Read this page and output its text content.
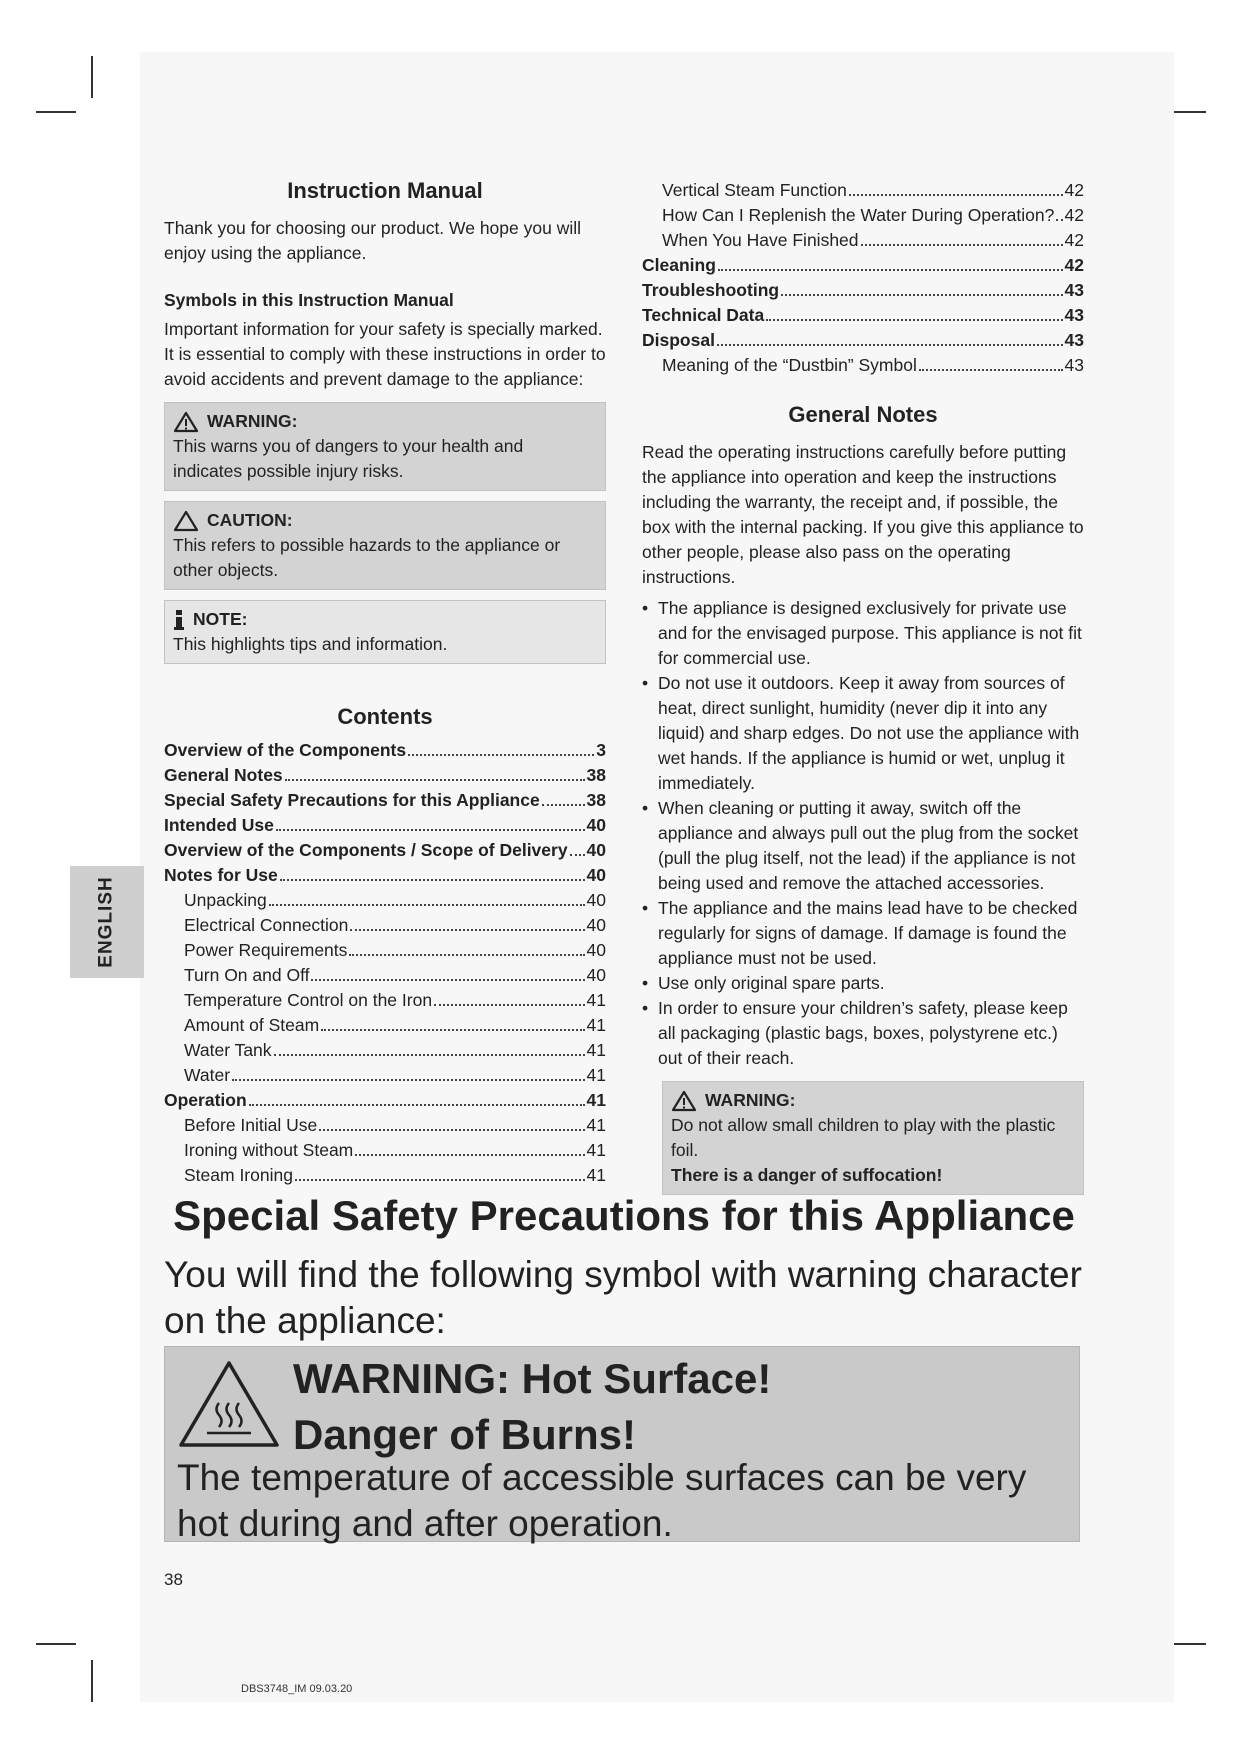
ENGLISH
Instruction Manual

Thank you for choosing our product. We hope you will enjoy using the appliance.

Symbols in this Instruction Manual

Important information for your safety is specially marked.

It is essential to comply with these instructions in order to avoid accidents and prevent damage to the appliance:

WARNING:

This warns you of dangers to your health and indicates possible injury risks.

CAUTION:

This refers to possible hazards to the appliance or other objects.

NOTE:

This highlights tips and information.

Contents
Overview of the Components	3
General Notes	38
Special Safety Precautions for this Appliance	38
Intended Use	40
Overview of the Components / Scope of Delivery 40
Notes for Use	40
Unpacking	40
Electrical Connection	40
Power Requirements	40
Turn On and Off	40
Temperature Control on the Iron	41
Amount of Steam	41
Water Tank	41
Water	41
Operation	41
Before Initial Use	41
Ironing without Steam	41
Steam Ironing	41
Vertical Steam Function	42
How Can I Replenish the Water During Operation? 42
When You Have Finished	42
Cleaning	42
Troubleshooting	43
Technical Data	43
Disposal	43
Meaning of the “Dustbin” Symbol	43
General Notes

Read the operating instructions carefully before putting the appliance into operation and keep the instructions including the warranty, the receipt and, if possible, the box with the internal packing. If you give this appliance to other people, please also pass on the operating instructions.

• The appliance is designed exclusively for private use and for the envisaged purpose. This appliance is not fit for commercial use.
• Do not use it outdoors. Keep it away from sources of heat, direct sunlight, humidity (never dip it into any liquid) and sharp edges. Do not use the appliance with wet hands. If the appliance is humid or wet, unplug it immediately.
• When cleaning or putting it away, switch off the appliance and always pull out the plug from the socket (pull the plug itself, not the lead) if the appliance is not being used and remove the attached accessories.
• The appliance and the mains lead have to be checked regularly for signs of damage. If damage is found the appliance must not be used.
• Use only original spare parts.
• In order to ensure your children’s safety, please keep all packaging (plastic bags, boxes, polystyrene etc.) out of their reach.
WARNING:

Do not allow small children to play with the plastic foil.

There is a danger of suffocation!

Special Safety Precautions for this Appliance
You will find the following symbol with warning character on the appliance:
WARNING: Hot Surface!
Danger of Burns!
The temperature of accessible surfaces can be very hot during and after operation.
38
DBS3748_IM 09.03.20
